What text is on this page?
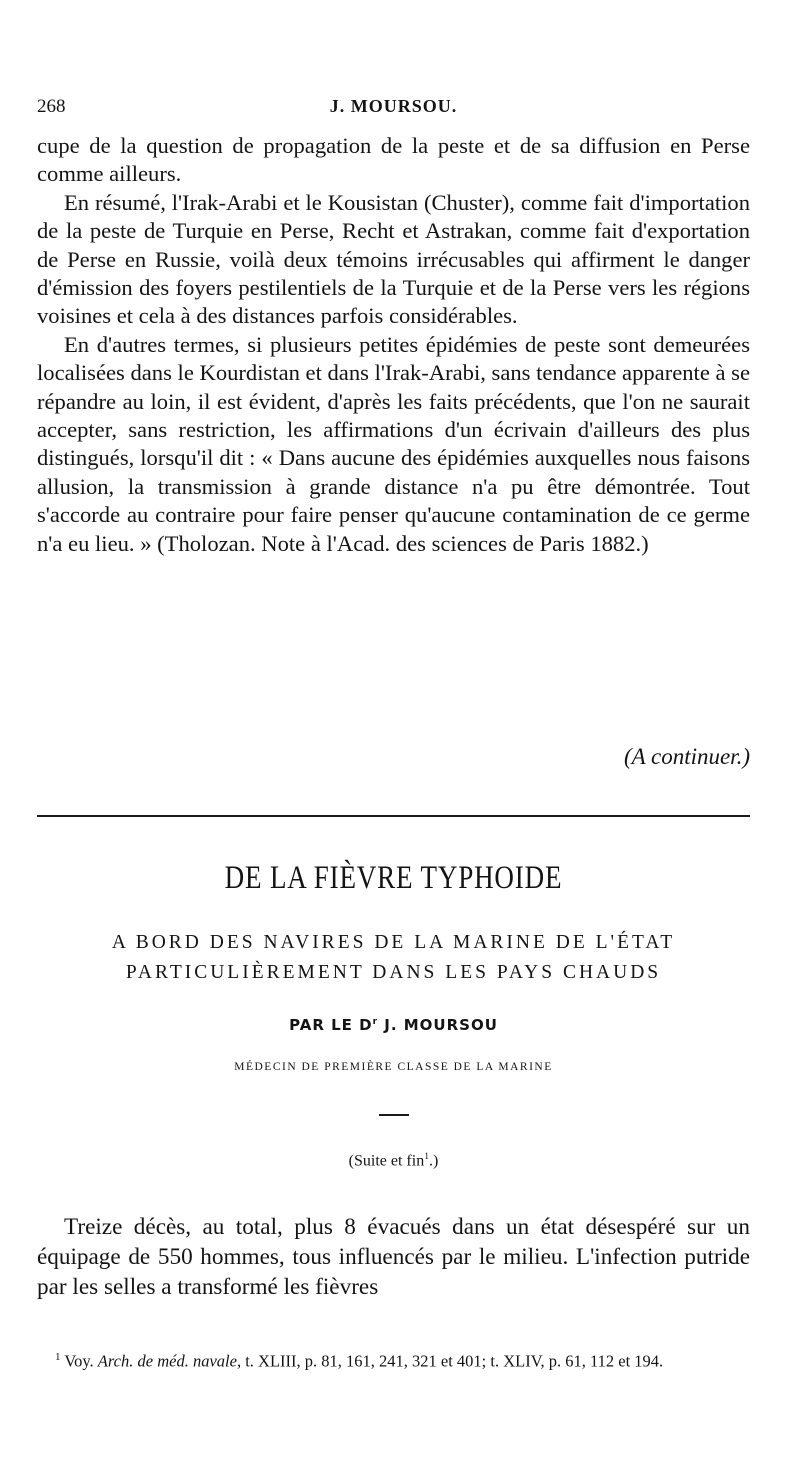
268	J. MOURSOU.

cupe de la question de propagation de la peste et de sa diffusion en Perse comme ailleurs.

En résumé, l'Irak-Arabi et le Kousistan (Chuster), comme fait d'importation de la peste de Turquie en Perse, Recht et Astrakan, comme fait d'exportation de Perse en Russie, voilà deux témoins irrécusables qui affirment le danger d'émission des foyers pestilentiels de la Turquie et de la Perse vers les régions voisines et cela à des distances parfois considérables.

En d'autres termes, si plusieurs petites épidémies de peste sont demeurées localisées dans le Kourdistan et dans l'Irak-Arabi, sans tendance apparente à se répandre au loin, il est évident, d'après les faits précédents, que l'on ne saurait accepter, sans restriction, les affirmations d'un écrivain d'ailleurs des plus distingués, lorsqu'il dit : « Dans aucune des épidémies auxquelles nous faisons allusion, la transmission à grande distance n'a pu être démontrée. Tout s'accorde au contraire pour faire penser qu'aucune contamination de ce germe n'a eu lieu. » (Tholozan. Note à l'Acad. des sciences de Paris 1882.)

(A continuer.)
DE LA FIÈVRE TYPHOIDE
A BORD DES NAVIRES DE LA MARINE DE L'ÉTAT
PARTICULIÈREMENT DANS LES PAYS CHAUDS
PAR LE $D^r$ J. MOURSOU
MÉDECIN DE PREMIÈRE CLASSE DE LA MARINE
(Suite et fin$^1$.)

Treize décès, au total, plus 8 évacués dans un état désespéré sur un équipage de 550 hommes, tous influencés par le milieu. L'infection putride par les selles a transformé les fièvres

$^1$ Voy. Arch. de méd. navale, t. XLIII, p. 81, 161, 241, 321 et 401; t. XLIV, p. 61, 112 et 194.
